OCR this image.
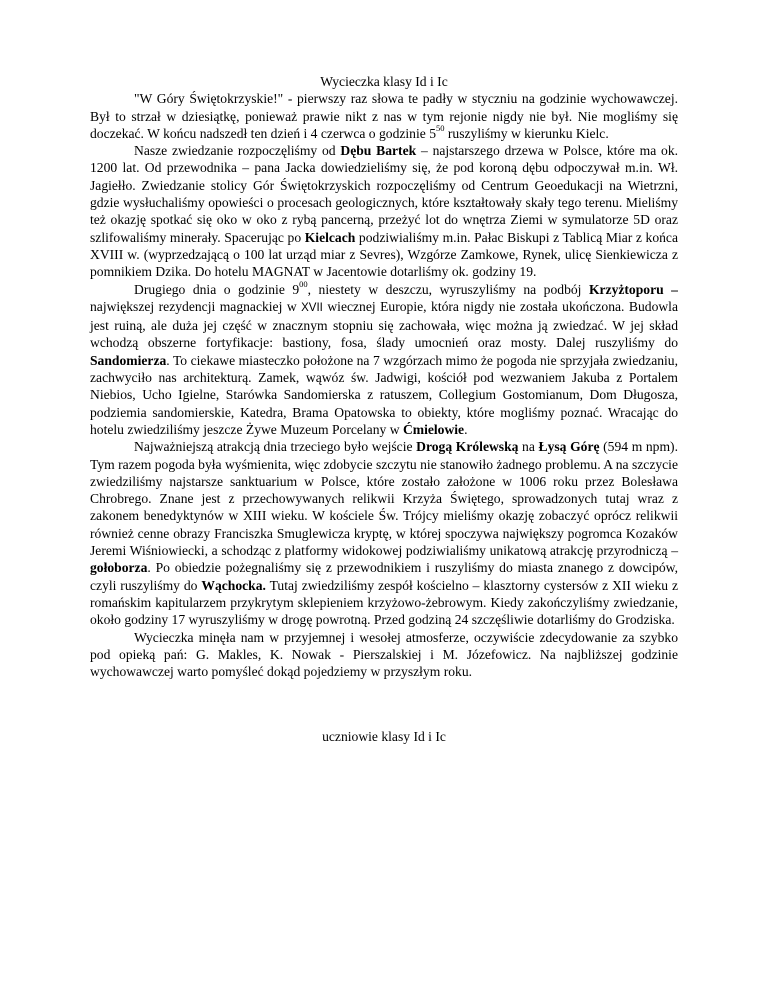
Wycieczka klasy Id i Ic

"W Góry Świętokrzyskie!" - pierwszy raz słowa te padły w styczniu na godzinie wychowawczej. Był to strzał w dziesiątkę, ponieważ prawie nikt z nas w tym rejonie nigdy nie był. Nie mogliśmy się doczekać. W końcu nadszedł ten dzień i 4 czerwca o godzinie $5^{50}$ ruszyliśmy w kierunku Kielc.

Nasze zwiedzanie rozpoczęliśmy od Dębu Bartek – najstarszego drzewa w Polsce, które ma ok. 1200 lat. Od przewodnika – pana Jacka dowiedzieliśmy się, że pod koroną dębu odpoczywał m.in. Wł. Jagiełło. Zwiedzanie stolicy Gór Świętokrzyskich rozpoczęliśmy od Centrum Geoedukacji na Wietrzni, gdzie wysłuchaliśmy opowieści o procesach geologicznych, które kształtowały skały tego terenu. Mieliśmy też okazję spotkać się oko w oko z rybą pancerną, przeżyć lot do wnętrza Ziemi w symulatorze 5D oraz szlifowaliśmy minerały. Spacerując po Kielcach podziwialiśmy m.in. Pałac Biskupi z Tablicą Miar z końca XVIII w. (wyprzedzającą o 100 lat urząd miar z Sevres), Wzgórze Zamkowe, Rynek, ulicę Sienkiewicza z pomnikiem Dzika. Do hotelu MAGNAT w Jacentowie dotarliśmy ok. godziny 19.

Drugiego dnia o godzinie $9^{00}$, niestety w deszczu, wyruszyliśmy na podbój Krzyżtoporu – największej rezydencji magnackiej w XVII wiecznej Europie, która nigdy nie została ukończona. Budowla jest ruiną, ale duża jej część w znacznym stopniu się zachowała, więc można ją zwiedzać. W jej skład wchodzą obszerne fortyfikacje: bastiony, fosa, ślady umocnień oraz mosty. Dalej ruszyliśmy do Sandomierza. To ciekawe miasteczko położone na 7 wzgórzach mimo że pogoda nie sprzyjała zwiedzaniu, zachwyciło nas architekturą. Zamek, wąwóz św. Jadwigi, kościół pod wezwaniem Jakuba z Portalem Niebios, Ucho Igielne, Starówka Sandomierska z ratuszem, Collegium Gostomianum, Dom Długosza, podziemia sandomierskie, Katedra, Brama Opatowska to obiekty, które mogliśmy poznać. Wracając do hotelu zwiedziliśmy jeszcze Żywe Muzeum Porcelany w Ćmielowie.

Najważniejszą atrakcją dnia trzeciego było wejście Drogą Królewską na Łysą Górę (594 m npm). Tym razem pogoda była wyśmienita, więc zdobycie szczytu nie stanowiło żadnego problemu. A na szczycie zwiedziliśmy najstarsze sanktuarium w Polsce, które zostało założone w 1006 roku przez Bolesława Chrobrego. Znane jest z przechowywanych relikwii Krzyża Świętego, sprowadzonych tutaj wraz z zakonem benedyktynów w XIII wieku. W kościele Św. Trójcy mieliśmy okazję zobaczyć oprócz relikwii również cenne obrazy Franciszka Smuglewicza kryptę, w której spoczywa największy pogromca Kozaków Jeremi Wiśniowiecki, a schodząc z platformy widokowej podziwialiśmy unikatową atrakcję przyrodniczą – gołoborza. Po obiedzie pożegnaliśmy się z przewodnikiem i ruszyliśmy do miasta znanego z dowcipów, czyli ruszyliśmy do Wąchocka. Tutaj zwiedziliśmy zespół kościelno – klasztorny cystersów z XII wieku z romańskim kapitularzem przykrytym sklepieniem krzyżowo-żebrowym. Kiedy zakończyliśmy zwiedzanie, około godziny 17 wyruszyliśmy w drogę powrotną. Przed godziną 24 szczęśliwie dotarliśmy do Grodziska.

Wycieczka minęła nam w przyjemnej i wesołej atmosferze, oczywiście zdecydowanie za szybko pod opieką pań: G. Makles, K. Nowak - Pierszalskiej i M. Józefowicz. Na najbliższej godzinie wychowawczej warto pomyśleć dokąd pojedziemy w przyszłym roku.

uczniowie klasy Id i Ic
